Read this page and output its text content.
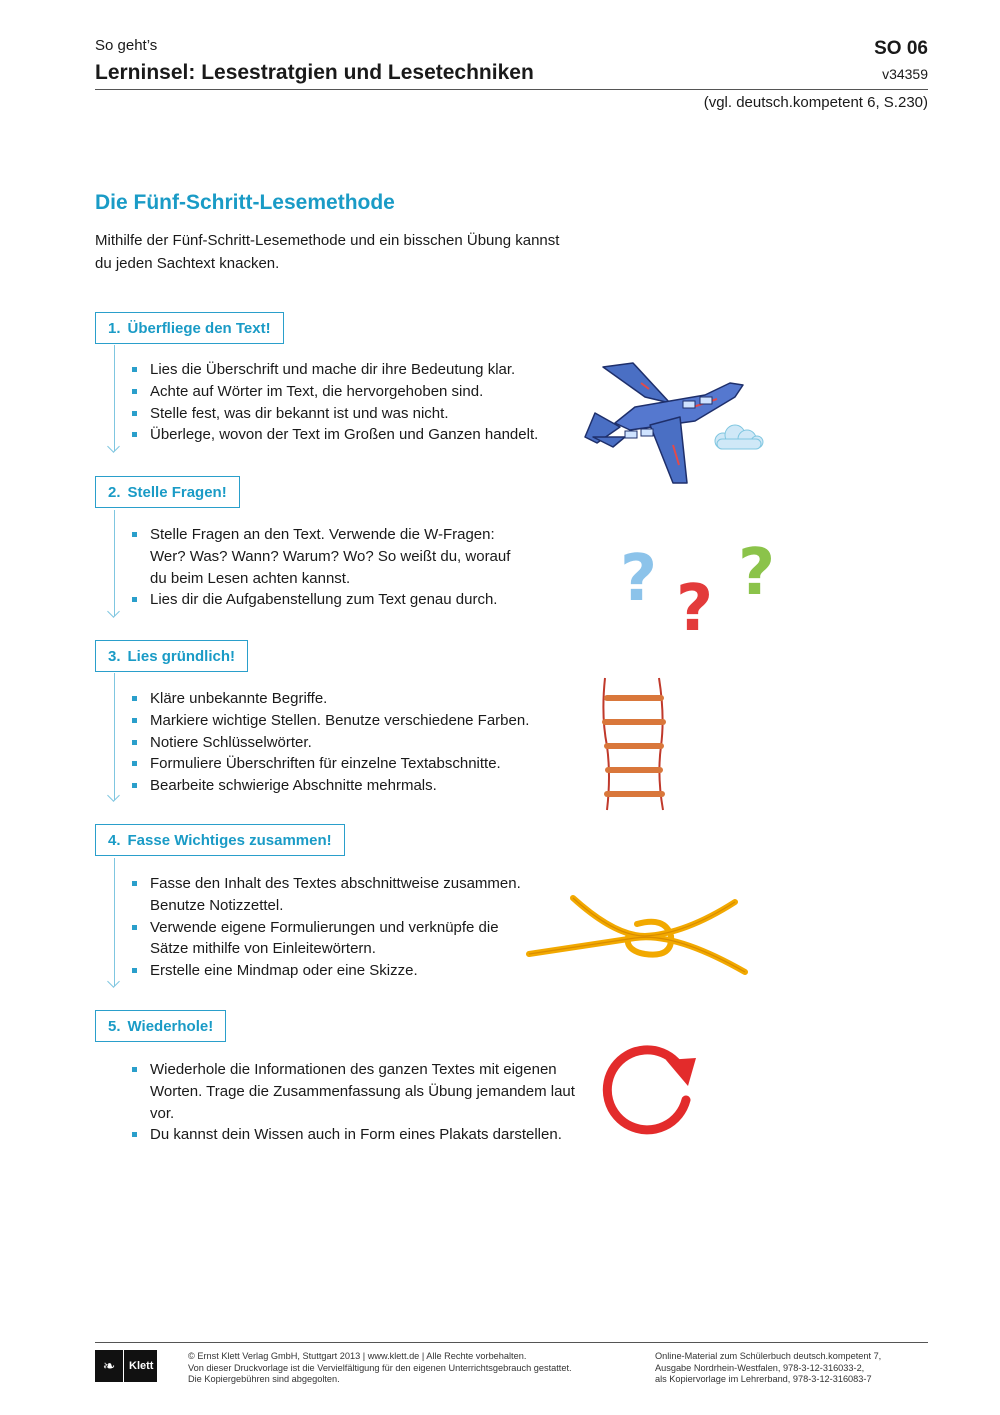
So geht’s
Lerninsel: Lesestratgien und Lesetechniken
SO 06
v34359
(vgl. deutsch.kompetent 6, S.230)
Die Fünf-Schritt-Lesemethode
Mithilfe der Fünf-Schritt-Lesemethode und ein bisschen Übung kannst du jeden Sachtext knacken.
1. Überfliege den Text!
Lies die Überschrift und mache dir ihre Bedeutung klar.
Achte auf Wörter im Text, die hervorgehoben sind.
Stelle fest, was dir bekannt ist und was nicht.
Überlege, wovon der Text im Großen und Ganzen handelt.
2. Stelle Fragen!
Stelle Fragen an den Text. Verwende die W-Fragen: Wer? Was? Wann? Warum? Wo? So weißt du, worauf du beim Lesen achten kannst.
Lies dir die Aufgabenstellung zum Text genau durch.	? ? ?
3. Lies gründlich!
Kläre unbekannte Begriffe.
Markiere wichtige Stellen. Benutze verschiedene Farben.
Notiere Schlüsselwörter.
Formuliere Überschriften für einzelne Textabschnitte.
Bearbeite schwierige Abschnitte mehrmals.
4. Fasse Wichtiges zusammen!
Fasse den Inhalt des Textes abschnittweise zusammen. Benutze Notizzettel.
Verwende eigene Formulierungen und verknüpfe die Sätze mithilfe von Einleitewörtern.
Erstelle eine Mindmap oder eine Skizze.
5. Wiederhole!
Wiederhole die Informationen des ganzen Textes mit eigenen Worten. Trage die Zusammenfassung als Übung jemandem laut vor.
Du kannst dein Wissen auch in Form eines Plakats darstellen.
❧	Klett
© Ernst Klett Verlag GmbH, Stuttgart 2013 | www.klett.de | Alle Rechte vorbehalten.
Von dieser Druckvorlage ist die Vervielfältigung für den eigenen Unterrichtsgebrauch gestattet.
Die Kopiergebühren sind abgegolten.
Online-Material zum Schülerbuch deutsch.kompetent 7,
Ausgabe Nordrhein-Westfalen, 978-3-12-316033-2,
als Kopiervorlage im Lehrerband, 978-3-12-316083-7
